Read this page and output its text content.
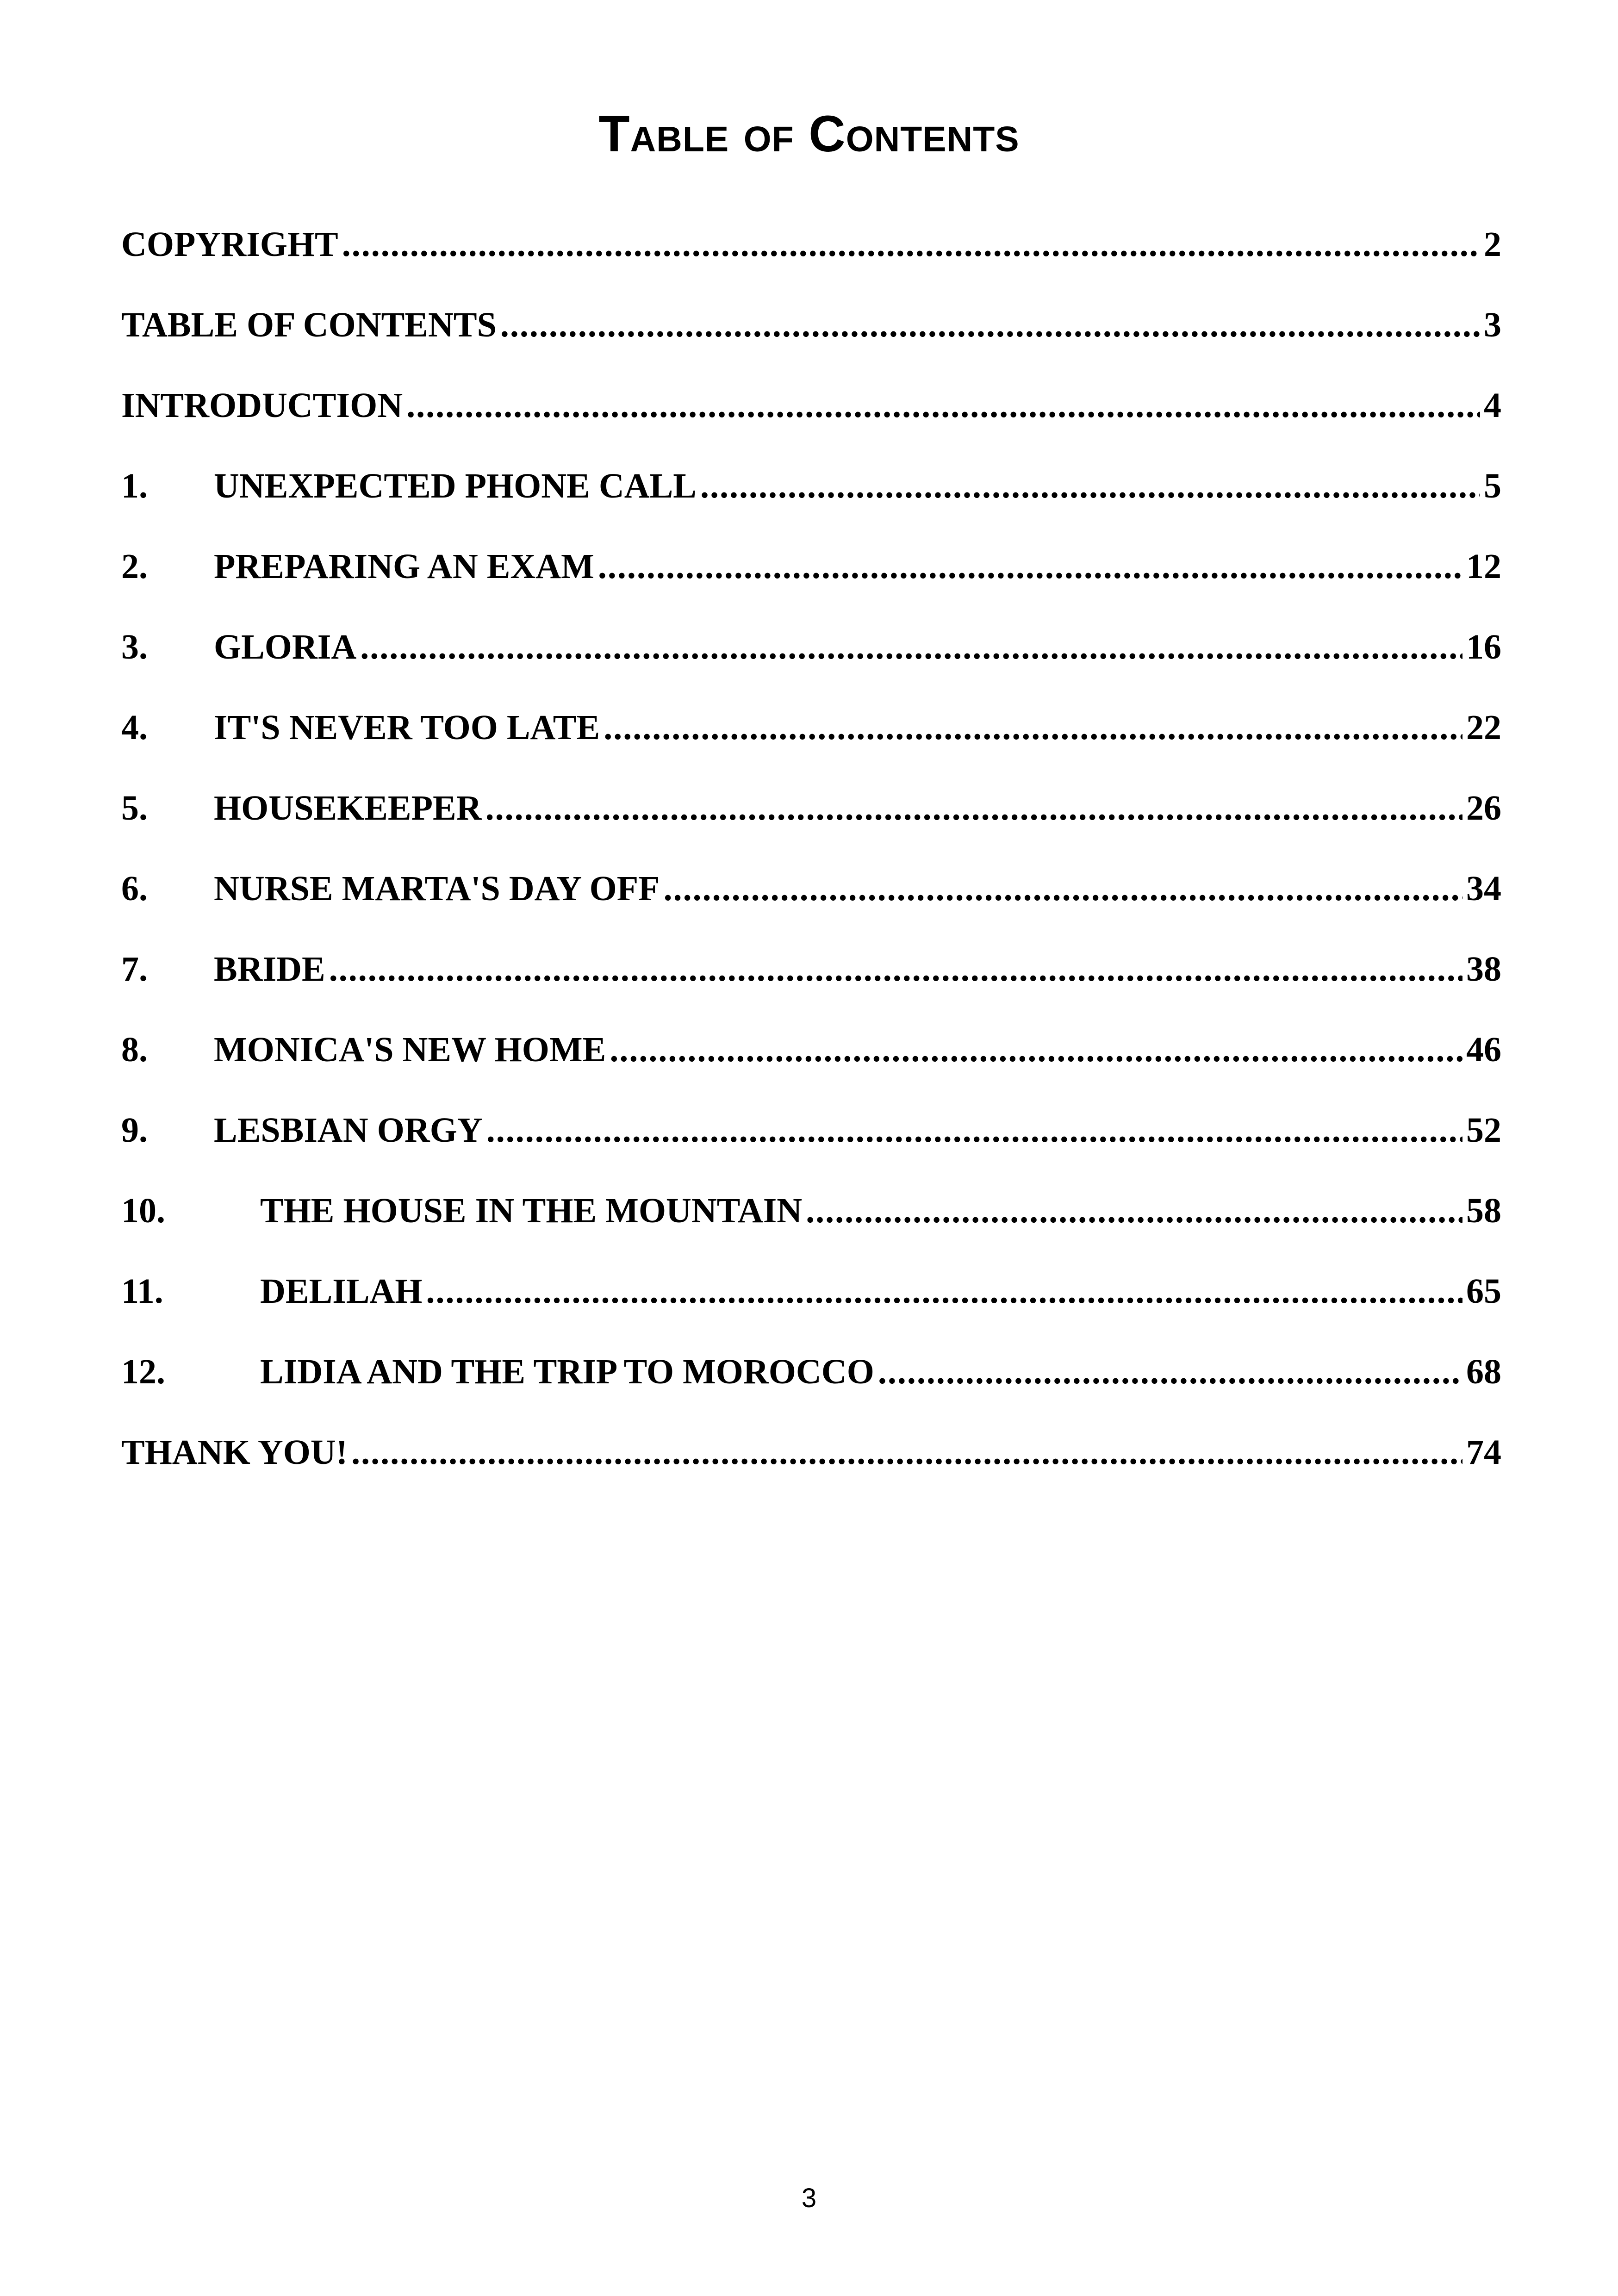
Table of Contents
COPYRIGHT .....	2
TABLE OF CONTENTS .....	3
INTRODUCTION .....	4
1.	UNEXPECTED PHONE CALL .....	5
2.	PREPARING AN EXAM .....	12
3.	GLORIA .....	16
4.	IT'S NEVER TOO LATE .....	22
5.	HOUSEKEEPER .....	26
6.	NURSE MARTA'S DAY OFF .....	34
7.	BRIDE .....	38
8.	MONICA'S NEW HOME .....	46
9.	LESBIAN ORGY .....	52
10.	THE HOUSE IN THE MOUNTAIN .....	58
11.	DELILAH .....	65
12.	LIDIA AND THE TRIP TO MOROCCO .....	68
THANK YOU! .....	74
3
